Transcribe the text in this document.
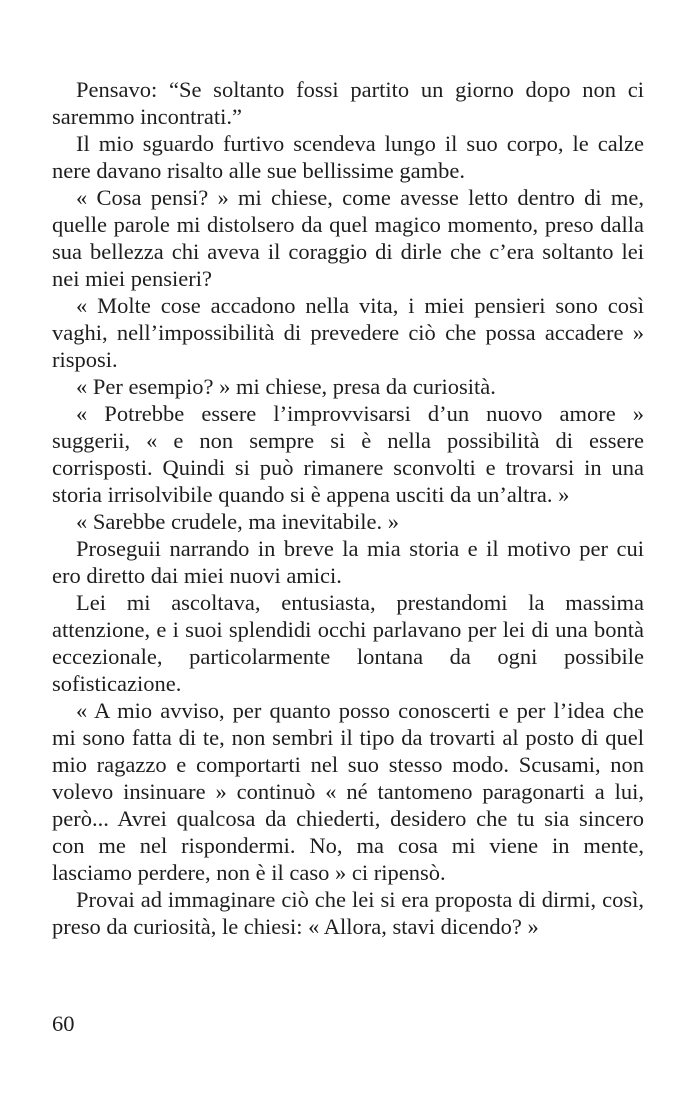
Pensavo: “Se soltanto fossi partito un giorno dopo non ci saremmo incontrati.”

Il mio sguardo furtivo scendeva lungo il suo corpo, le calze nere davano risalto alle sue bellissime gambe.

« Cosa pensi? » mi chiese, come avesse letto dentro di me, quelle parole mi distolsero da quel magico momento, preso dalla sua bellezza chi aveva il coraggio di dirle che c’era soltanto lei nei miei pensieri?

« Molte cose accadono nella vita, i miei pensieri sono così vaghi, nell’impossibilità di prevedere ciò che possa accadere » risposi.

« Per esempio? » mi chiese, presa da curiosità.

« Potrebbe essere l’improvvisarsi d’un nuovo amore » suggerii, « e non sempre si è nella possibilità di essere corrisposti. Quindi si può rimanere sconvolti e trovarsi in una storia irrisolvibile quando si è appena usciti da un’altra. »

« Sarebbe crudele, ma inevitabile. »

Proseguii narrando in breve la mia storia e il motivo per cui ero diretto dai miei nuovi amici.

Lei mi ascoltava, entusiasta, prestandomi la massima attenzione, e i suoi splendidi occhi parlavano per lei di una bontà eccezionale, particolarmente lontana da ogni possibile sofisticazione.

« A mio avviso, per quanto posso conoscerti e per l’idea che mi sono fatta di te, non sembri il tipo da trovarti al posto di quel mio ragazzo e comportarti nel suo stesso modo. Scusami, non volevo insinuare » continuò « né tantomeno paragonarti a lui, però... Avrei qualcosa da chiederti, desidero che tu sia sincero con me nel rispondermi. No, ma cosa mi viene in mente, lasciamo perdere, non è il caso » ci ripensò.

Provai ad immaginare ciò che lei si era proposta di dirmi, così, preso da curiosità, le chiesi: « Allora, stavi dicendo? »

60
